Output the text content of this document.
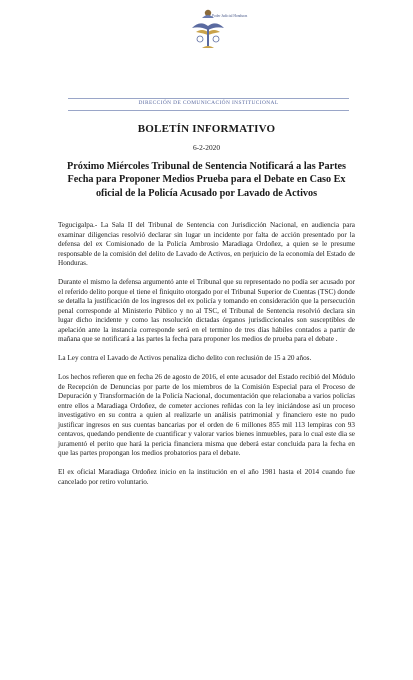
Poder Judicial Honduras
DIRECCIÓN DE COMUNICACIÓN INSTITUCIONAL
BOLETÍN INFORMATIVO
6-2-2020
Próximo Miércoles Tribunal de Sentencia Notificará a las Partes Fecha para Proponer Medios Prueba para el Debate en Caso Ex oficial de la Policía Acusado por Lavado de Activos

Tegucigalpa.- La Sala II del Tribunal de Sentencia con Jurisdicción Nacional, en audiencia para examinar diligencias resolvió declarar sin lugar un incidente por falta de acción presentado por la defensa del ex Comisionado de la Policía Ambrosio Maradiaga Ordoñez, a quien se le presume responsable de la comisión del delito de Lavado de Activos, en perjuicio de la economía del Estado de Honduras.

Durante el mismo la defensa argumentó ante el Tribunal que su representado no podía ser acusado por el referido delito porque el tiene el finiquito otorgado por el Tribunal Superior de Cuentas (TSC) donde se detalla la justificación de los ingresos del ex policía y tomando en consideración que la persecución penal corresponde al Ministerio Público y no al TSC, el Tribunal de Sentencia resolvió declara sin lugar dicho incidente y como las resolución dictadas órganos jurisdiccionales son susceptibles de apelación ante la instancia corresponde será en el termino de tres días hábiles contados a partir de mañana que se notificará a las partes la fecha para proponer los medios de prueba para el debate .

La Ley contra el Lavado de Activos penaliza dicho delito con reclusión de 15 a 20 años.

Los hechos refieren que en fecha 26 de agosto de 2016, el ente acusador del Estado recibió del Módulo de Recepción de Denuncias por parte de los miembros de la Comisión Especial para el Proceso de Depuración y Transformación de la Policía Nacional, documentación que relacionaba a varios policías entre ellos a Maradiaga Ordoñez, de cometer acciones reñidas con la ley iniciándose así un proceso investigativo en su contra a quien al realizarle un análisis patrimonial y financiero este no pudo justificar ingresos en sus cuentas bancarias por el orden de 6 millones 855 mil 113 lempiras con 93 centavos, quedando pendiente de cuantificar y valorar varios bienes inmuebles, para lo cual este dia se juramentó el perito que hará la pericia financiera misma que deberá estar concluida para la fecha en que las partes propongan los medios probatorios para el debate.

El ex oficial Maradiaga Ordoñez inicio en la institución en el año 1981 hasta el 2014 cuando fue cancelado por retiro voluntario.
